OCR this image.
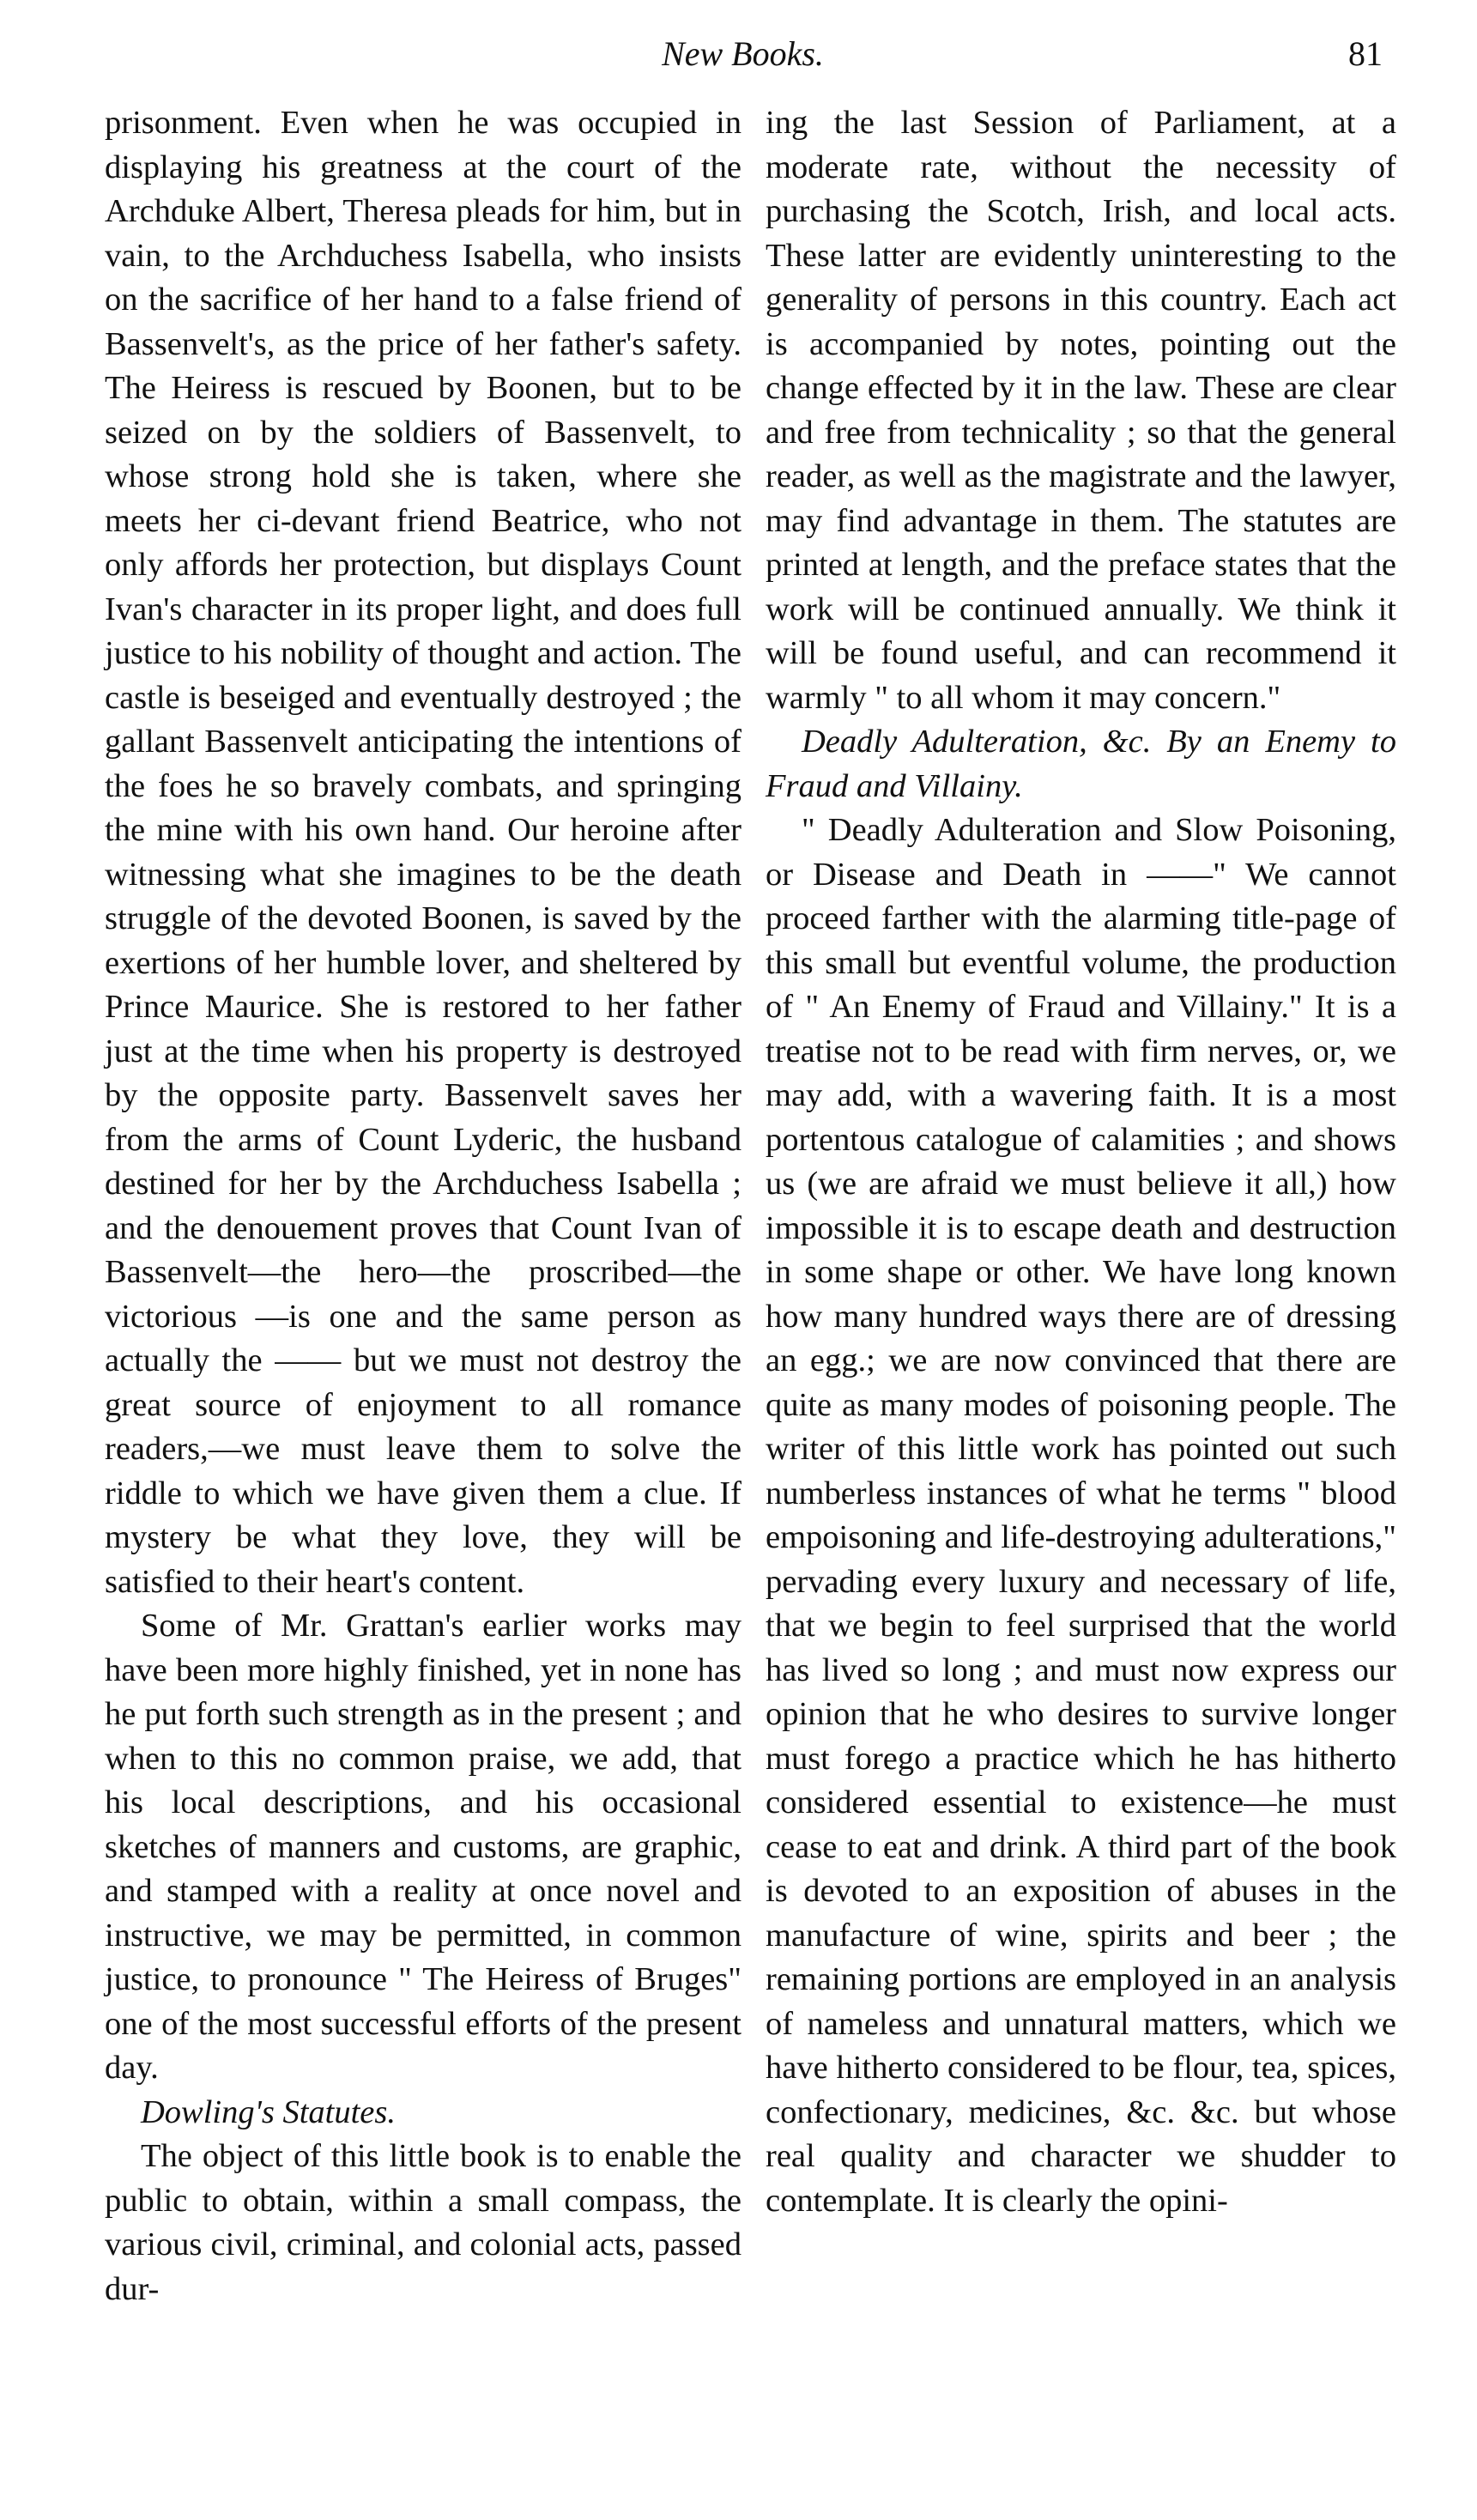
New Books.	81

prisonment. Even when he was occupied in displaying his greatness at the court of the Archduke Albert, Theresa pleads for him, but in vain, to the Archduchess Isabella, who insists on the sacrifice of her hand to a false friend of Bassenvelt's, as the price of her father's safety. The Heiress is rescued by Boonen, but to be seized on by the soldiers of Bassenvelt, to whose strong hold she is taken, where she meets her ci-devant friend Beatrice, who not only affords her protection, but displays Count Ivan's character in its proper light, and does full justice to his nobility of thought and action. The castle is beseiged and eventually destroyed ; the gallant Bassenvelt anticipating the intentions of the foes he so bravely combats, and springing the mine with his own hand. Our heroine after witnessing what she imagines to be the death struggle of the devoted Boonen, is saved by the exertions of her humble lover, and sheltered by Prince Maurice. She is restored to her father just at the time when his property is destroyed by the opposite party. Bassenvelt saves her from the arms of Count Lyderic, the husband destined for her by the Archduchess Isabella ; and the denouement proves that Count Ivan of Bassenvelt—the hero—the proscribed—the victorious —is one and the same person as actually the —— but we must not destroy the great source of enjoyment to all romance readers,—we must leave them to solve the riddle to which we have given them a clue. If mystery be what they love, they will be satisfied to their heart's content.

Some of Mr. Grattan's earlier works may have been more highly finished, yet in none has he put forth such strength as in the present ; and when to this no common praise, we add, that his local descriptions, and his occasional sketches of manners and customs, are graphic, and stamped with a reality at once novel and instructive, we may be permitted, in common justice, to pronounce " The Heiress of Bruges" one of the most successful efforts of the present day.

Dowling's Statutes.

The object of this little book is to enable the public to obtain, within a small compass, the various civil, criminal, and colonial acts, passed dur-

ing the last Session of Parliament, at a moderate rate, without the necessity of purchasing the Scotch, Irish, and local acts. These latter are evidently uninteresting to the generality of persons in this country. Each act is accompanied by notes, pointing out the change effected by it in the law. These are clear and free from technicality ; so that the general reader, as well as the magistrate and the lawyer, may find advantage in them. The statutes are printed at length, and the preface states that the work will be continued annually. We think it will be found useful, and can recommend it warmly " to all whom it may concern."

Deadly Adulteration, &c. By an Enemy to Fraud and Villainy.

" Deadly Adulteration and Slow Poisoning, or Disease and Death in ——" We cannot proceed farther with the alarming title-page of this small but eventful volume, the production of " An Enemy of Fraud and Villainy." It is a treatise not to be read with firm nerves, or, we may add, with a wavering faith. It is a most portentous catalogue of calamities ; and shows us (we are afraid we must believe it all,) how impossible it is to escape death and destruction in some shape or other. We have long known how many hundred ways there are of dressing an egg.; we are now convinced that there are quite as many modes of poisoning people. The writer of this little work has pointed out such numberless instances of what he terms " blood empoisoning and life-destroying adulterations," pervading every luxury and necessary of life, that we begin to feel surprised that the world has lived so long ; and must now express our opinion that he who desires to survive longer must forego a practice which he has hitherto considered essential to existence—he must cease to eat and drink. A third part of the book is devoted to an exposition of abuses in the manufacture of wine, spirits and beer ; the remaining portions are employed in an analysis of nameless and unnatural matters, which we have hitherto considered to be flour, tea, spices, confectionary, medicines, &c. &c. but whose real quality and character we shudder to contemplate. It is clearly the opini-
